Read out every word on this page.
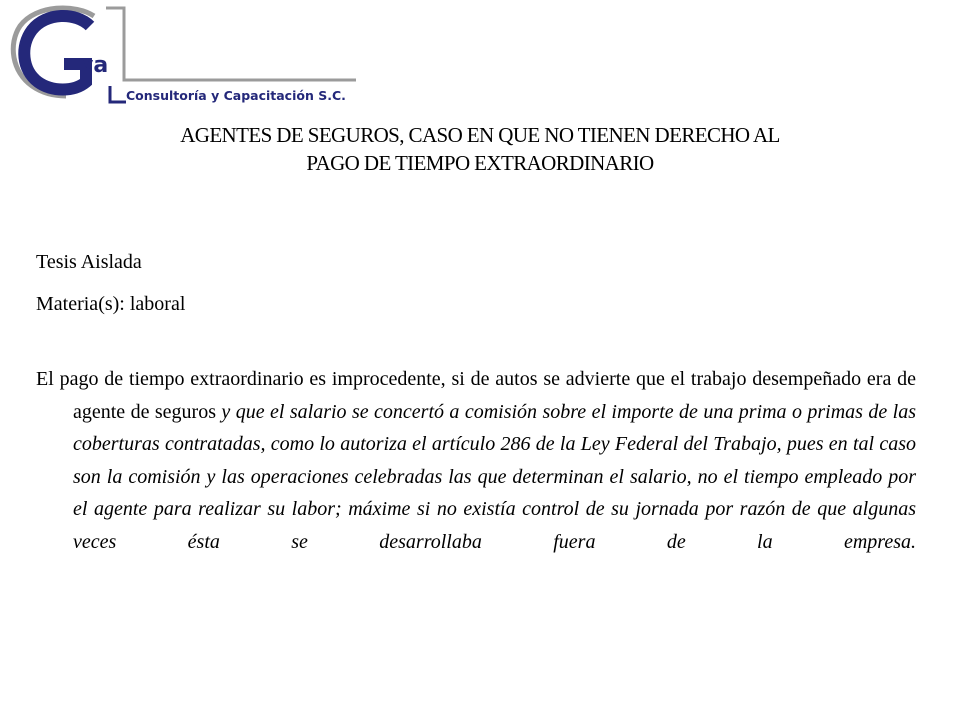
va
Consultoría y Capacitación S.C.
AGENTES DE SEGUROS, CASO EN QUE NO TIENEN DERECHO AL
PAGO DE TIEMPO EXTRAORDINARIO
Tesis Aislada
Materia(s): laboral

El pago de tiempo extraordinario es improcedente, si de autos se advierte que el trabajo desempeñado era de agente de seguros y que el salario se concertó a comisión sobre el importe de una prima o primas de las coberturas contratadas, como lo autoriza el artículo 286 de la Ley Federal del Trabajo, pues en tal caso son la comisión y las operaciones celebradas las que determinan el salario, no el tiempo empleado por el agente para realizar su labor; máxime si no existía control de su jornada por razón de que algunas veces ésta se desarrollaba fuera de la empresa.
